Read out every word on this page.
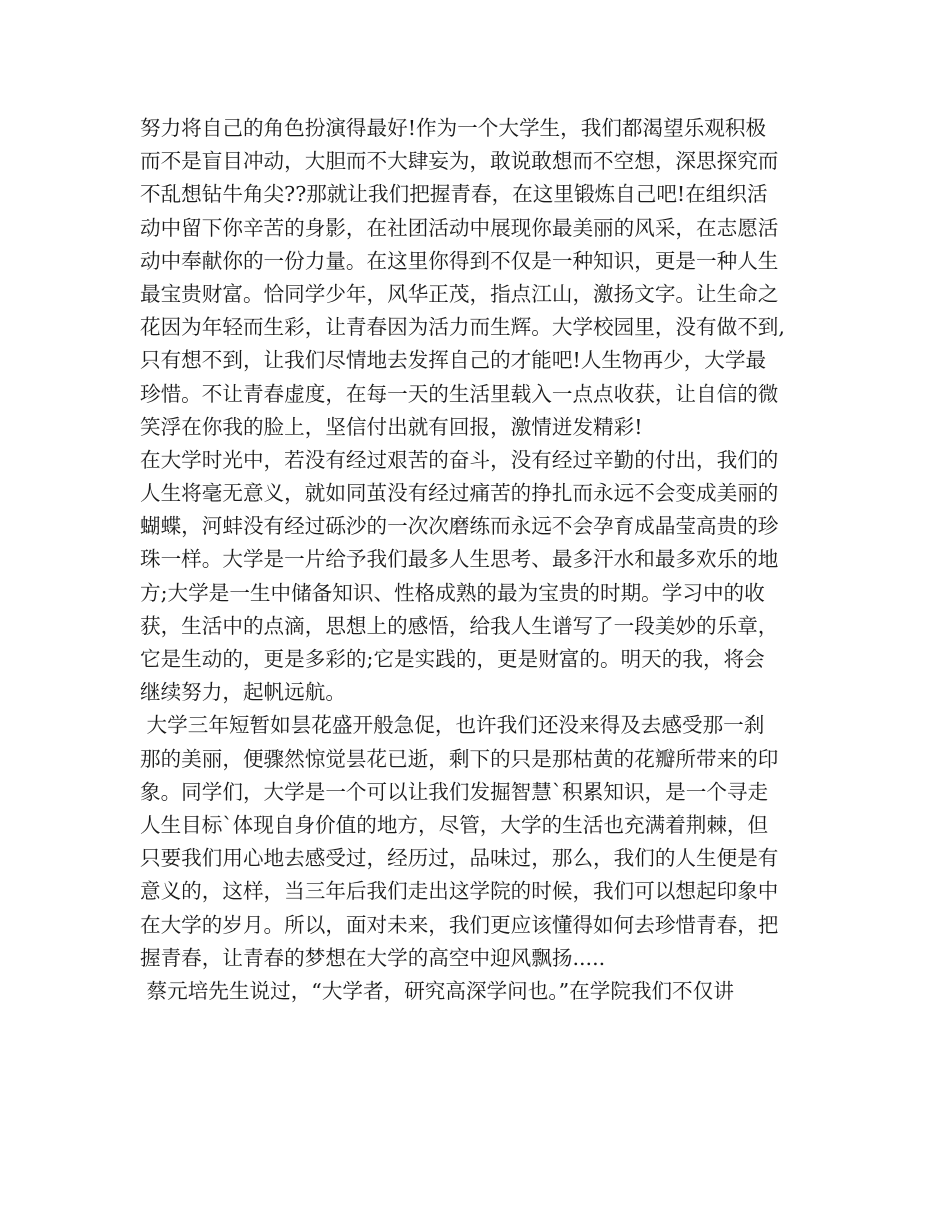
努力将自己的角色扮演得最好!作为一个大学生，我们都渴望乐观积极
而不是盲目冲动，大胆而不大肆妄为，敢说敢想而不空想，深思探究而
不乱想钻牛角尖??那就让我们把握青春，在这里锻炼自己吧!在组织活
动中留下你辛苦的身影，在社团活动中展现你最美丽的风采，在志愿活
动中奉献你的一份力量。在这里你得到不仅是一种知识，更是一种人生
最宝贵财富。恰同学少年，风华正茂，指点江山，激扬文字。让生命之
花因为年轻而生彩，让青春因为活力而生辉。大学校园里，没有做不到,
只有想不到，让我们尽情地去发挥自己的才能吧!人生物再少，大学最
珍惜。不让青春虚度，在每一天的生活里载入一点点收获，让自信的微
笑浮在你我的脸上，坚信付出就有回报，激情迸发精彩!
在大学时光中，若没有经过艰苦的奋斗，没有经过辛勤的付出，我们的
人生将毫无意义，就如同茧没有经过痛苦的挣扎而永远不会变成美丽的
蝴蝶，河蚌没有经过砾沙的一次次磨练而永远不会孕育成晶莹高贵的珍
珠一样。大学是一片给予我们最多人生思考、最多汗水和最多欢乐的地
方;大学是一生中储备知识、性格成熟的最为宝贵的时期。学习中的收
获，生活中的点滴，思想上的感悟，给我人生谱写了一段美妙的乐章，
它是生动的，更是多彩的;它是实践的，更是财富的。明天的我，将会
继续努力，起帆远航。
大学三年短暂如昙花盛开般急促，也许我们还没来得及去感受那一刹
那的美丽，便骤然惊觉昙花已逝，剩下的只是那枯黄的花瓣所带来的印
象。同学们，大学是一个可以让我们发掘智慧`积累知识，是一个寻走
人生目标`体现自身价值的地方，尽管，大学的生活也充满着荆棘，但
只要我们用心地去感受过，经历过，品味过，那么，我们的人生便是有
意义的，这样，当三年后我们走出这学院的时候，我们可以想起印象中
在大学的岁月。所以，面对未来，我们更应该懂得如何去珍惜青春，把
握青春，让青春的梦想在大学的高空中迎风飘扬.....
蔡元培先生说过，“大学者，研究高深学问也。”在学院我们不仅讲
